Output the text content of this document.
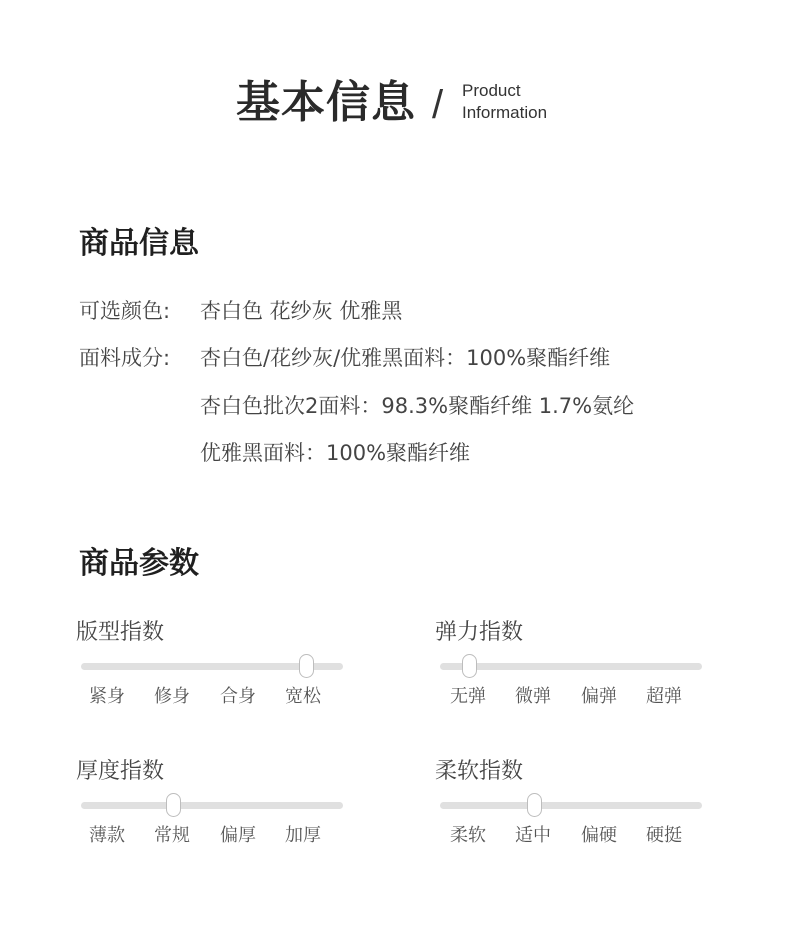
基本信息 / Product
Information
商品信息
可选颜色: 杏白色 花纱灰 优雅黑
面料成分:	杏白色/花纱灰/优雅黑面料：100%聚酯纤维
杏白色批次2面料：98.3%聚酯纤维 1.7%氨纶
优雅黑面料：100%聚酯纤维
商品参数
版型指数
紧身	修身	合身	宽松
弹力指数
无弹	微弹	偏弹	超弹
厚度指数
薄款	常规	偏厚	加厚
柔软指数
柔软	适中	偏硬	硬挺
